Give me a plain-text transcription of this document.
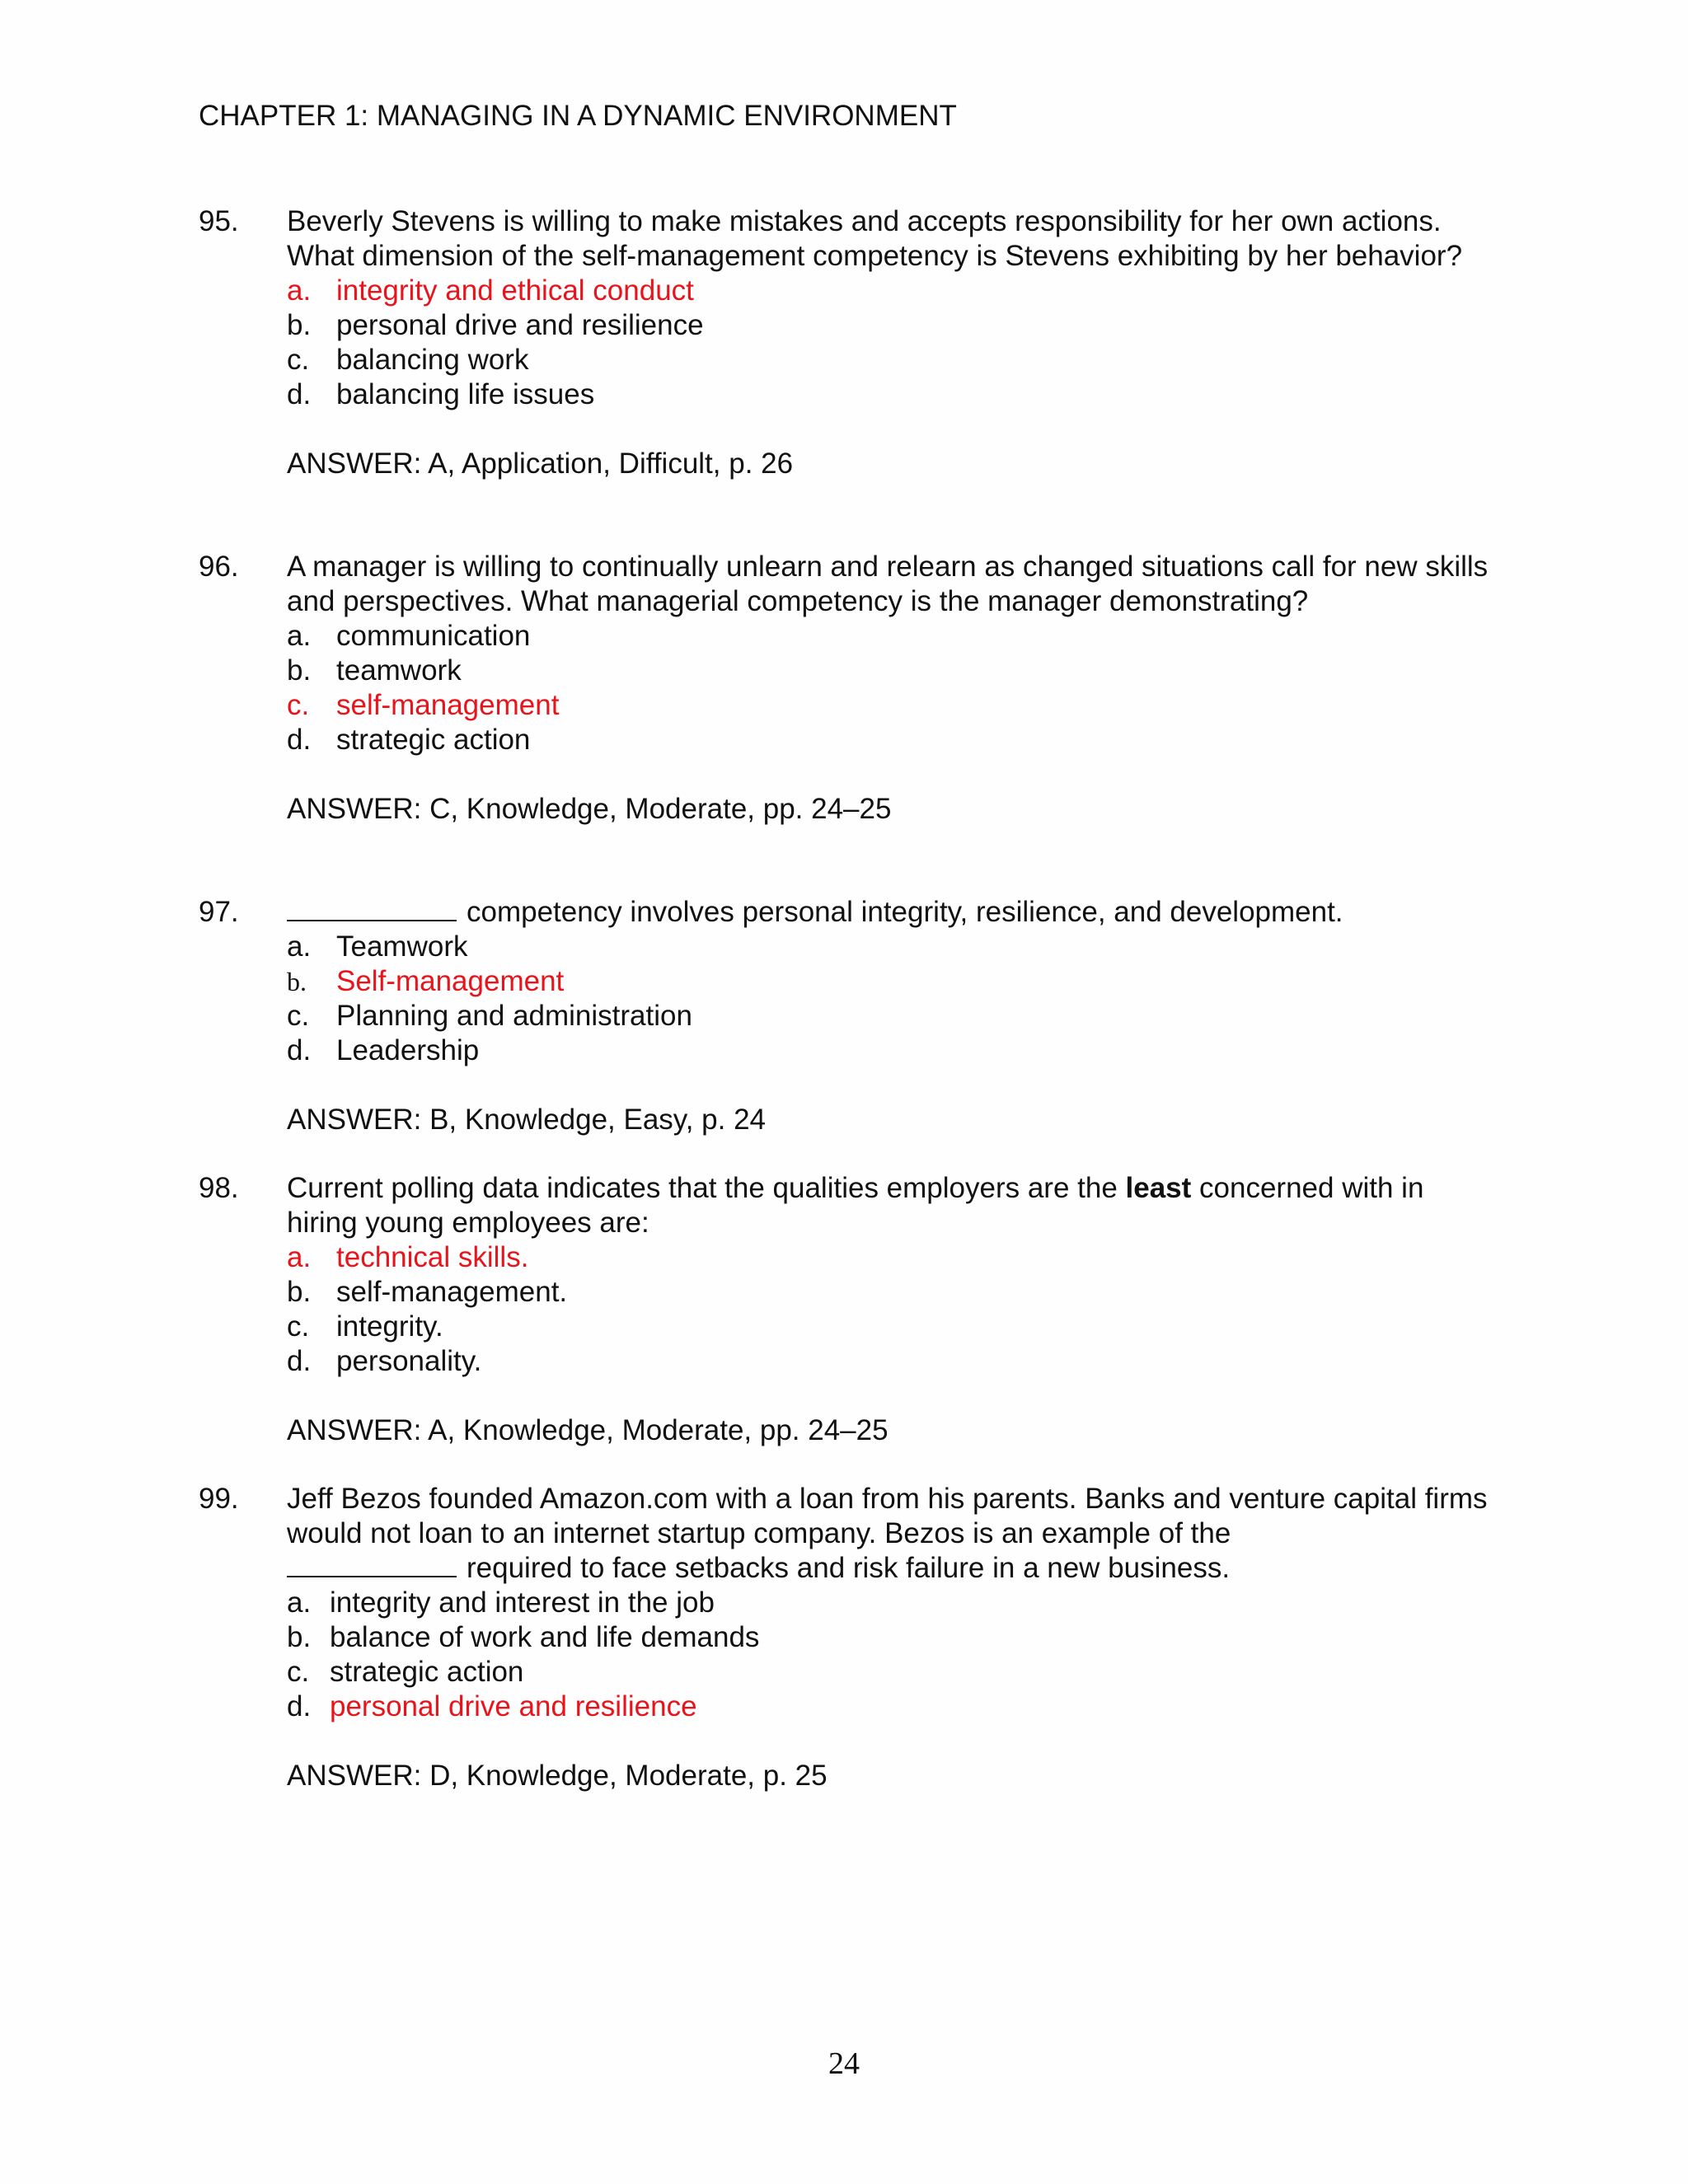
CHAPTER 1: MANAGING IN A DYNAMIC ENVIRONMENT
95.	Beverly Stevens is willing to make mistakes and accepts responsibility for her own actions. What dimension of the self-management competency is Stevens exhibiting by her behavior?
a. integrity and ethical conduct
b. personal drive and resilience
c. balancing work
d. balancing life issues
ANSWER: A, Application, Difficult, p. 26
96.	A manager is willing to continually unlearn and relearn as changed situations call for new skills and perspectives. What managerial competency is the manager demonstrating?
a. communication
b. teamwork
c. self-management
d. strategic action
ANSWER: C, Knowledge, Moderate, pp. 24–25
97.	competency involves personal integrity, resilience, and development.
a. Teamwork
b. Self-management
c. Planning and administration
d. Leadership
ANSWER: B, Knowledge, Easy, p. 24
98.	Current polling data indicates that the qualities employers are the least concerned with in hiring young employees are:
a. technical skills.
b. self-management.
c. integrity.
d. personality.
ANSWER: A, Knowledge, Moderate, pp. 24–25
99.	Jeff Bezos founded Amazon.com with a loan from his parents. Banks and venture capital firms would not loan to an internet startup company. Bezos is an example of the
required to face setbacks and risk failure in a new business.
a. integrity and interest in the job
b. balance of work and life demands
c. strategic action
d. personal drive and resilience
ANSWER: D, Knowledge, Moderate, p. 25
24
